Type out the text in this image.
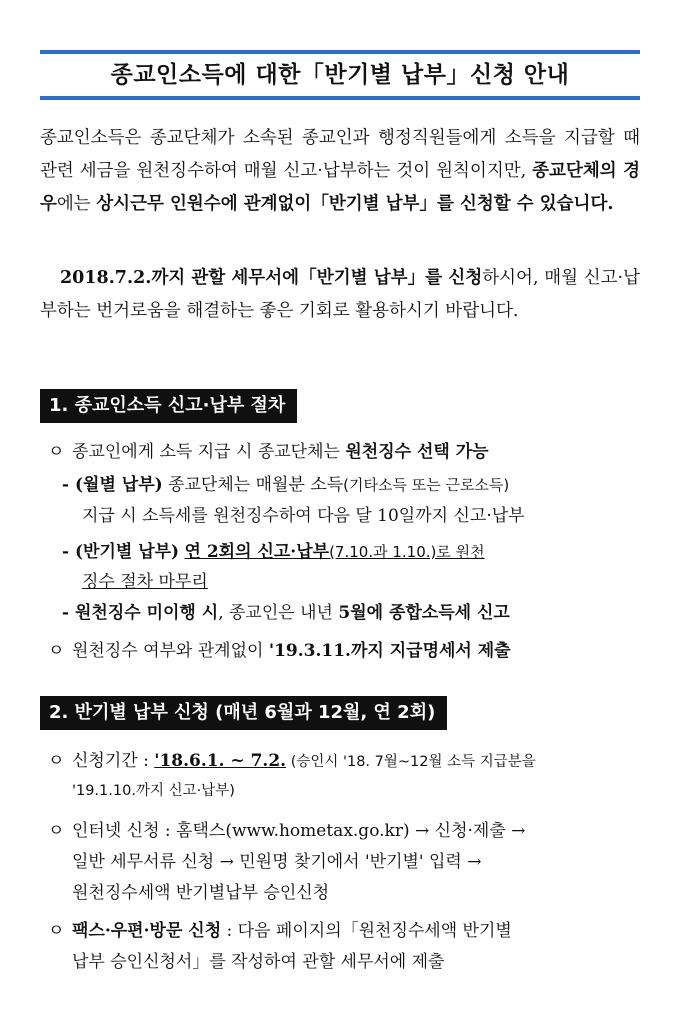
종교인소득에 대한「반기별 납부」신청 안내
종교인소득은 종교단체가 소속된 종교인과 행정직원들에게 소득을 지급할 때 관련 세금을 원천징수하여 매월 신고·납부하는 것이 원칙이지만, 종교단체의 경우에는 상시근무 인원수에 관계없이「반기별 납부」를 신청할 수 있습니다.
2018.7.2.까지 관할 세무서에「반기별 납부」를 신청하시어, 매월 신고·납부하는 번거로움을 해결하는 좋은 기회로 활용하시기 바랍니다.
1. 종교인소득 신고·납부 절차
ㅇ 종교인에게 소득 지급 시 종교단체는 원천징수 선택 가능
- (월별 납부) 종교단체는 매월분 소득(기타소득 또는 근로소득)
지급 시 소득세를 원천징수하여 다음 달 10일까지 신고·납부
- (반기별 납부) 연 2회의 신고·납부(7.10.과 1.10.)로 원천
징수 절차 마무리
- 원천징수 미이행 시, 종교인은 내년 5월에 종합소득세 신고
ㅇ 원천징수 여부와 관계없이 '19.3.11.까지 지급명세서 제출
2. 반기별 납부 신청 (매년 6월과 12월, 연 2회)
ㅇ 신청기간 : '18.6.1. ~ 7.2. (승인시 '18. 7월~12월 소득 지급분을
'19.1.10.까지 신고·납부)
ㅇ 인터넷 신청 : 홈택스(www.hometax.go.kr) → 신청·제출 →
일반 세무서류 신청 → 민원명 찾기에서 '반기별' 입력 →
원천징수세액 반기별납부 승인신청
ㅇ 팩스·우편·방문 신청 : 다음 페이지의「원천징수세액 반기별
납부 승인신청서」를 작성하여 관할 세무서에 제출
